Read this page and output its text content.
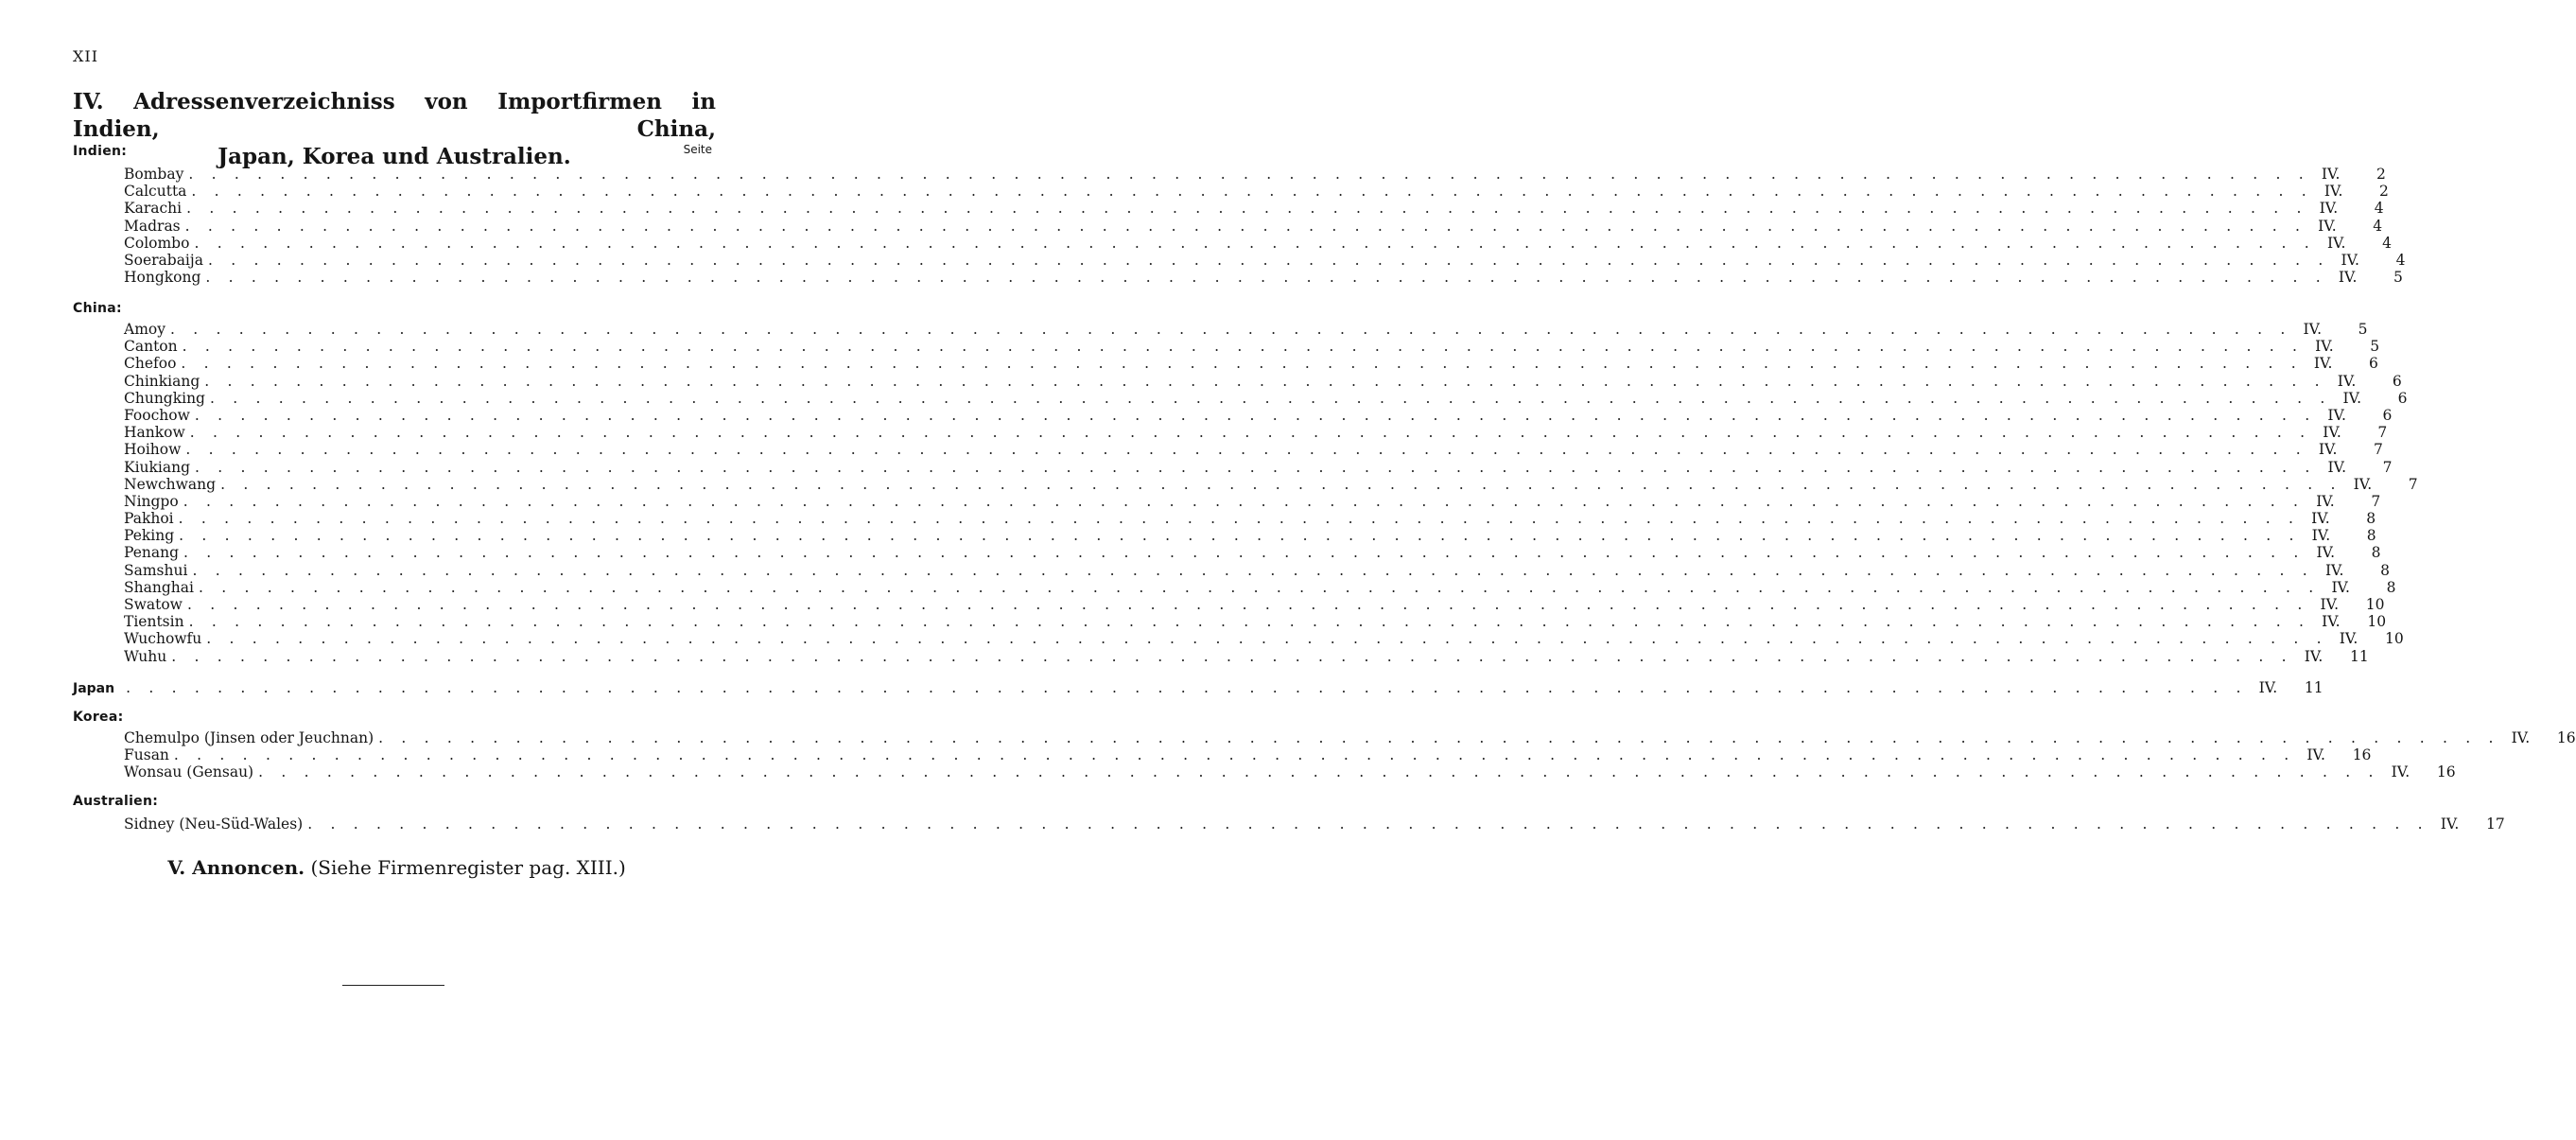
XII
IV. Adressenverzeichniss von Importfirmen in Indien, China,
Japan, Korea und Australien.	Seite
Indien:
Bombay . . . . . . . . . . . . . . . . . . . . . . . . . . . . . . . . . . . . . . . . . . . . . . . . . . . . . . . . . . . . . . . . . . . . . . . . . . . . . . . . . . . . . . . . . . . . . IV.	2
Calcutta . . . . . . . . . . . . . . . . . . . . . . . . . . . . . . . . . . . . . . . . . . . . . . . . . . . . . . . . . . . . . . . . . . . . . . . . . . . . . . . . . . . . . . . . . . . . . IV.	2
Karachi . . . . . . . . . . . . . . . . . . . . . . . . . . . . . . . . . . . . . . . . . . . . . . . . . . . . . . . . . . . . . . . . . . . . . . . . . . . . . . . . . . . . . . . . . . . . . IV.	4
Madras . . . . . . . . . . . . . . . . . . . . . . . . . . . . . . . . . . . . . . . . . . . . . . . . . . . . . . . . . . . . . . . . . . . . . . . . . . . . . . . . . . . . . . . . . . . . . IV.	4
Colombo . . . . . . . . . . . . . . . . . . . . . . . . . . . . . . . . . . . . . . . . . . . . . . . . . . . . . . . . . . . . . . . . . . . . . . . . . . . . . . . . . . . . . . . . . . . . . IV.	4
Soerabaija . . . . . . . . . . . . . . . . . . . . . . . . . . . . . . . . . . . . . . . . . . . . . . . . . . . . . . . . . . . . . . . . . . . . . . . . . . . . . . . . . . . . . . . . . . . . . IV.	4
Hongkong . . . . . . . . . . . . . . . . . . . . . . . . . . . . . . . . . . . . . . . . . . . . . . . . . . . . . . . . . . . . . . . . . . . . . . . . . . . . . . . . . . . . . . . . . . . . . IV.	5
China:
Amoy . . . . . . . . . . . . . . . . . . . . . . . . . . . . . . . . . . . . . . . . . . . . . . . . . . . . . . . . . . . . . . . . . . . . . . . . . . . . . . . . . . . . . . . . . . . . . IV.	5
Canton . . . . . . . . . . . . . . . . . . . . . . . . . . . . . . . . . . . . . . . . . . . . . . . . . . . . . . . . . . . . . . . . . . . . . . . . . . . . . . . . . . . . . . . . . . . . . IV.	5
Chefoo . . . . . . . . . . . . . . . . . . . . . . . . . . . . . . . . . . . . . . . . . . . . . . . . . . . . . . . . . . . . . . . . . . . . . . . . . . . . . . . . . . . . . . . . . . . . . IV.	6
Chinkiang . . . . . . . . . . . . . . . . . . . . . . . . . . . . . . . . . . . . . . . . . . . . . . . . . . . . . . . . . . . . . . . . . . . . . . . . . . . . . . . . . . . . . . . . . . . . . IV.	6
Chungking . . . . . . . . . . . . . . . . . . . . . . . . . . . . . . . . . . . . . . . . . . . . . . . . . . . . . . . . . . . . . . . . . . . . . . . . . . . . . . . . . . . . . . . . . . . . . IV.	6
Foochow . . . . . . . . . . . . . . . . . . . . . . . . . . . . . . . . . . . . . . . . . . . . . . . . . . . . . . . . . . . . . . . . . . . . . . . . . . . . . . . . . . . . . . . . . . . . . IV.	6
Hankow . . . . . . . . . . . . . . . . . . . . . . . . . . . . . . . . . . . . . . . . . . . . . . . . . . . . . . . . . . . . . . . . . . . . . . . . . . . . . . . . . . . . . . . . . . . . . IV.	7
Hoihow . . . . . . . . . . . . . . . . . . . . . . . . . . . . . . . . . . . . . . . . . . . . . . . . . . . . . . . . . . . . . . . . . . . . . . . . . . . . . . . . . . . . . . . . . . . . . IV.	7
Kiukiang . . . . . . . . . . . . . . . . . . . . . . . . . . . . . . . . . . . . . . . . . . . . . . . . . . . . . . . . . . . . . . . . . . . . . . . . . . . . . . . . . . . . . . . . . . . . . IV.	7
Newchwang . . . . . . . . . . . . . . . . . . . . . . . . . . . . . . . . . . . . . . . . . . . . . . . . . . . . . . . . . . . . . . . . . . . . . . . . . . . . . . . . . . . . . . . . . . . . . IV.	7
Ningpo . . . . . . . . . . . . . . . . . . . . . . . . . . . . . . . . . . . . . . . . . . . . . . . . . . . . . . . . . . . . . . . . . . . . . . . . . . . . . . . . . . . . . . . . . . . . . IV.	7
Pakhoi . . . . . . . . . . . . . . . . . . . . . . . . . . . . . . . . . . . . . . . . . . . . . . . . . . . . . . . . . . . . . . . . . . . . . . . . . . . . . . . . . . . . . . . . . . . . . IV.	8
Peking . . . . . . . . . . . . . . . . . . . . . . . . . . . . . . . . . . . . . . . . . . . . . . . . . . . . . . . . . . . . . . . . . . . . . . . . . . . . . . . . . . . . . . . . . . . . . IV.	8
Penang . . . . . . . . . . . . . . . . . . . . . . . . . . . . . . . . . . . . . . . . . . . . . . . . . . . . . . . . . . . . . . . . . . . . . . . . . . . . . . . . . . . . . . . . . . . . . IV.	8
Samshui . . . . . . . . . . . . . . . . . . . . . . . . . . . . . . . . . . . . . . . . . . . . . . . . . . . . . . . . . . . . . . . . . . . . . . . . . . . . . . . . . . . . . . . . . . . . . IV.	8
Shanghai . . . . . . . . . . . . . . . . . . . . . . . . . . . . . . . . . . . . . . . . . . . . . . . . . . . . . . . . . . . . . . . . . . . . . . . . . . . . . . . . . . . . . . . . . . . . . IV.	8
Swatow . . . . . . . . . . . . . . . . . . . . . . . . . . . . . . . . . . . . . . . . . . . . . . . . . . . . . . . . . . . . . . . . . . . . . . . . . . . . . . . . . . . . . . . . . . . . . IV.	10
Tientsin . . . . . . . . . . . . . . . . . . . . . . . . . . . . . . . . . . . . . . . . . . . . . . . . . . . . . . . . . . . . . . . . . . . . . . . . . . . . . . . . . . . . . . . . . . . . . IV.	10
Wuchowfu . . . . . . . . . . . . . . . . . . . . . . . . . . . . . . . . . . . . . . . . . . . . . . . . . . . . . . . . . . . . . . . . . . . . . . . . . . . . . . . . . . . . . . . . . . . . . IV.	10
Wuhu . . . . . . . . . . . . . . . . . . . . . . . . . . . . . . . . . . . . . . . . . . . . . . . . . . . . . . . . . . . . . . . . . . . . . . . . . . . . . . . . . . . . . . . . . . . . . IV.	11
Japan . . . . . . . . . . . . . . . . . . . . . . . . . . . . . . . . . . . . . . . . . . . . . . . . . . . . . . . . . . . . . . . . . . . . . . . . . . . . . . . . . . . . . . . . . . . . . IV.	11
Korea:
Chemulpo (Jinsen oder Jeuchnan) . . . . . . . . . . . . . . . . . . . . . . . . . . . . . . . . . . . . . . . . . . . . . . . . . . . . . . . . . . . . . . . . . . . . . . . . . . . . . . . . . . . . . . . . . . . . . IV.	16
Fusan . . . . . . . . . . . . . . . . . . . . . . . . . . . . . . . . . . . . . . . . . . . . . . . . . . . . . . . . . . . . . . . . . . . . . . . . . . . . . . . . . . . . . . . . . . . . . IV.	16
Wonsau (Gensau) . . . . . . . . . . . . . . . . . . . . . . . . . . . . . . . . . . . . . . . . . . . . . . . . . . . . . . . . . . . . . . . . . . . . . . . . . . . . . . . . . . . . . . . . . . . . . IV.	16
Australien:
Sidney (Neu-Süd-Wales) . . . . . . . . . . . . . . . . . . . . . . . . . . . . . . . . . . . . . . . . . . . . . . . . . . . . . . . . . . . . . . . . . . . . . . . . . . . . . . . . . . . . . . . . . . . . . IV.	17
V. Annoncen. (Siehe Firmenregister pag. XIII.)
